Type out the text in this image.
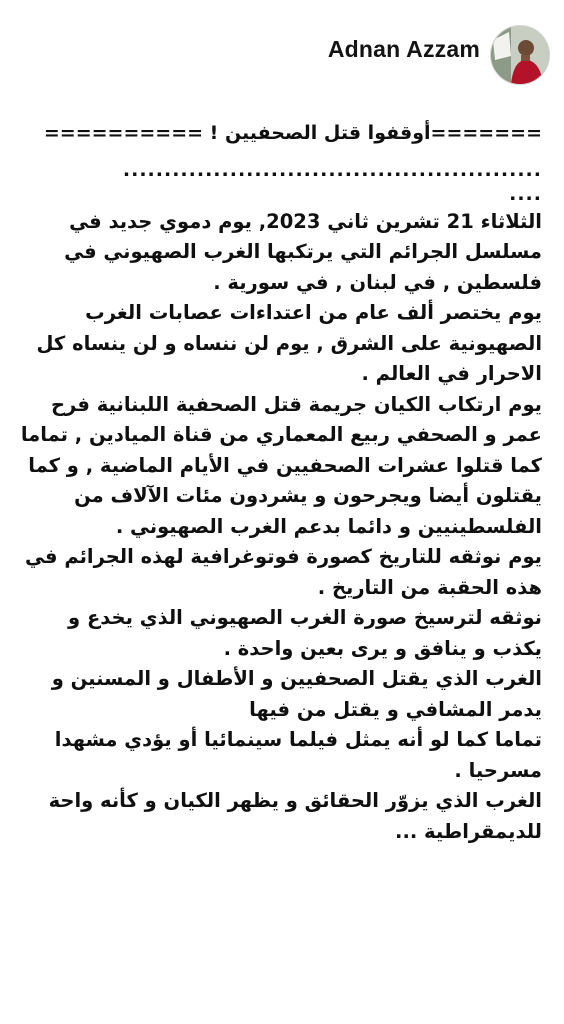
Adnan Azzam

=======أوقفوا قتل الصحفيين ! ==========

...................................................

....

الثلاثاء 21 تشرين ثاني 2023, يوم دموي جديد في مسلسل الجرائم التي يرتكبها الغرب الصهيوني في فلسطين , في لبنان , في سورية .

يوم يختصر ألف عام من اعتداءات عصابات الغرب الصهيونية على الشرق , يوم لن ننساه و لن ينساه كل الاحرار في العالم .

يوم ارتكاب الكيان جريمة قتل الصحفية اللبنانية فرح عمر و الصحفي ربيع المعماري من قناة الميادين , تماما كما قتلوا عشرات الصحفيين في الأيام الماضية , و كما يقتلون أيضا ويجرحون و يشردون مئات الآلاف من الفلسطينيين و دائما بدعم الغرب الصهيوني .

يوم نوثقه للتاريخ كصورة فوتوغرافية لهذه الجرائم في هذه الحقبة من التاريخ .

نوثقه لترسيخ صورة الغرب الصهيوني الذي يخدع و يكذب و ينافق و يرى بعين واحدة .

الغرب الذي يقتل الصحفيين و الأطفال و المسنين و يدمر المشافي و يقتل من فيها

تماما كما لو أنه يمثل فيلما سينمائيا أو يؤدي مشهدا مسرحيا .

الغرب الذي يزوّر الحقائق و يظهر الكيان و كأنه واحة للديمقراطية ...
